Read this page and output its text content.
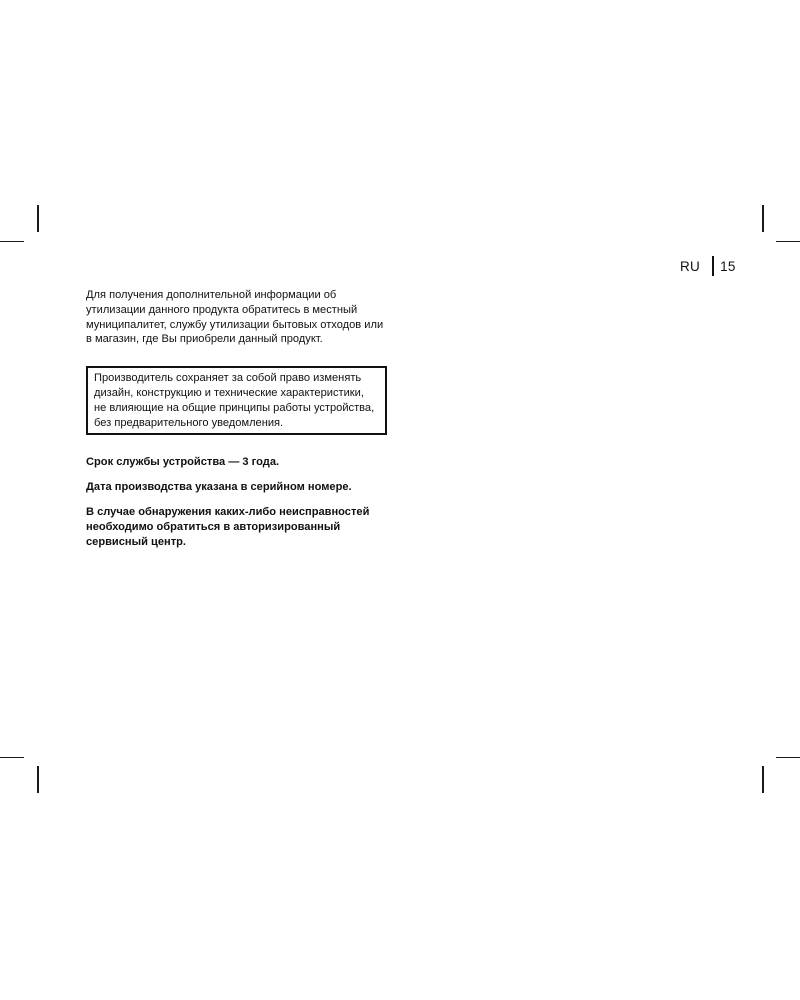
RU 15

Для получения дополнительной информации об утилизации данного продукта обратитесь в местный муниципалитет, службу утилизации бытовых отходов или в магазин, где Вы приобрели данный продукт.

Производитель сохраняет за собой право изменять дизайн, конструкцию и технические характеристики, не влияющие на общие принципы работы устройства, без предварительного уведомления.

Срок службы устройства — 3 года.

Дата производства указана в серийном номере.

В случае обнаружения каких-либо неисправностей необходимо обратиться в авторизированный сервисный центр.
